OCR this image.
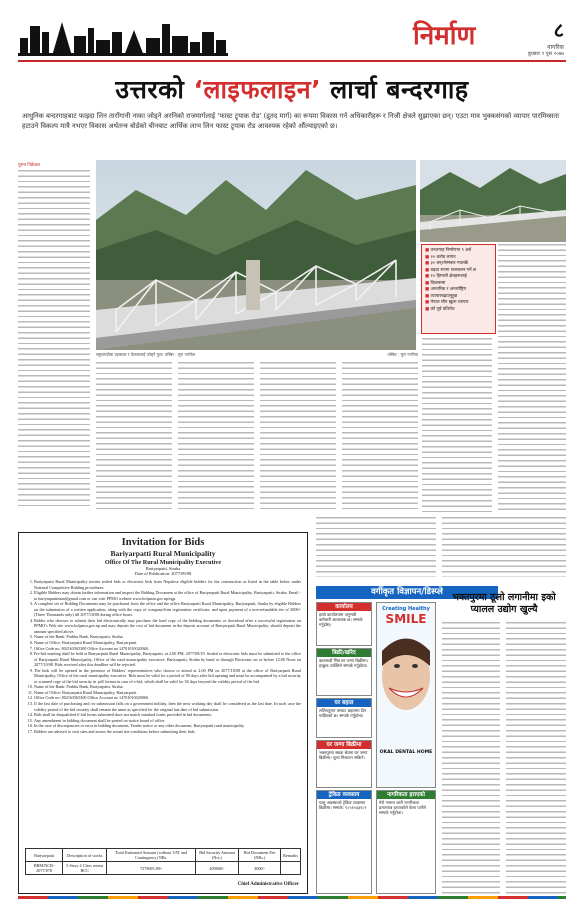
निर्माण	८
नागरिक
बुधबार ९ पुस २०७७
उत्तरको ‘लाइफलाइन’ लार्चा बन्दरगाह
आधुनिक बन्दरगाहबाट फाइदा लिन ताराँगानी नाका जोड्ने अरनिको राजमार्गलाई ‘फास्ट ट्र्याक रोड’ (द्रुतद मार्ग) का रूपमा विकास गर्न अधिकारीहरू र निजी क्षेत्रले सुझाएका छन्। एउटा मात्र भुक्कसंगको व्यापार पारमिथ्सता हटाउने विकल्प मात्रै नभएर विकास अर्थतन्त्र बोर्डको चीनबाट आर्थिक लाभ लिन फास्ट ट्र्याक रोड आवश्यक रहेको औंल्याइएको छ।
पुरुष पिडेवाल
रसुवागढीमा ल्हाछाङ र केरुङलाई जोड्ने पुल। तस्बिर : मुरा नगरिक	तस्बिर : मुरा नगरिक
■ वन्दरगाह निर्माणमा ९ अर्ब
■ २० करोड लागत
■ ३० बन्ऽनेस्नबार ग्यालकै
■ बढ़ता रुपमा सञ्चालन गर्ने छ
■ १० हिमाली क्षेत्रहरूलाई
■ विकासमा
■ आन्तरिक र अन्तर्राष्ट्रिय
■ व्यापारबढ़ाउनुहुन्न
■ नेपाल चीन खुला व्यापार
■ को पूर्व प्रतिरोध
Invitation for Bids
Bariyarpatti Rural Municipality
Office Of The Rural Municipality Executive
Bariyarpatti, Siraha
Date of Publication: 2077/09/08
1. Bariyarpatti Rural Municipality invites sealed bids or electronic bids from Nepalese eligible bidders for the construction as listed in the table below under National Competitive Bidding procedures.
2. Eligible Bidders may obtain further information and inspect the Bidding Document at the office of Bariyarpatti Rural Municipality, Bariyarpatti, Siraha. Email - to bariyarpattimun@gmail.com or can visit PPMO website www.bolpatra.gov.np/egp.
3. A complete set of Bidding Documents may be purchased from the office and the office Bariyarpatti Rural Municipality, Bariyarpatti, Siraha by eligible Bidders on the submission of a written application, along with the copy of company/firm registration certificate, and upon payment of a non-refundable fee of 3000/- (Three Thousands only) till 2077/10/08 during office hours.
4. Bidder who chooses to submit their bid electronically may purchase the hard copy of the bidding documents or download after a successful registration on PPMO's Web site www.bolpatra.gov.np and may deposit the cost of bid document in the deposit account of Bariyarpatti Rural Municipality; should deposit the amount specified above.
5. Name of the Bank: Prabhu Bank, Bariyarpatti, Siraha.
6. Name of Office: Bariyarpatti Rural Municipality, Bariyarpatti.
7. Office Code no. 802163565300 Office Account no 14701010020060.
8. Pre-bid meeting shall be held at Bariyarpatti Rural Municipality, Bariyarpatti, at 2:00 PM, 2077/09/19. Sealed or electronic bids must be submitted to the office of Bariyarpatti Rural Municipality, Office of the rural municipality executive, Bariyarpatti, Siraha by hand or through Electronic on or before 12:00 Noon on 2077/10/08. Bids received after this deadline will be rejected.
9. The bids will be opened in the presence of Bidders' representatives who choose to attend at 2:00 PM on 2077/10/08 at the office of Bariyarpatti Rural Municipality, Office of the rural municipality executive. Bids must be valid for a period of 90 days after bid opening and must be accompanied by a bid security or scanned copy of the bid security in .pdf format in case of e-bid, which shall be valid for 30 days beyond the validity period of the bid.
10. Name of the Bank: Prabhu Bank, Bariyarpatti, Siraha.
11. Name of Office: Bariyarpatti Rural Municipality, Bariyarpatti.
12. Office Code no: 802163565300 Office Account no 14701010020060.
13. If the last date of purchasing and /or submission falls on a government holiday, then the next working day shall be considered as the last date. In such case the validity period of the bid security shall remain the same as specified for the original last date of bid submission.
14. Bids shall be disqualified if bid forms submitted does not match standard forms provided in bid documents.
15. Any amendment in bidding document shall be posted on notice board of office.
16. In the case of discrepancies or error in bidding document, Tender notice or any other document, Bariyarpatti rural municipality.
17. Bidders are advised to visit sites and assess the actual site conditions before submitting their bids.
Bariyarpatti	Description of works	Total Estimated Amount (without VAT and Contingency) NRs.	Bid Security Amount (Nrs.)	Bid Document Fee (NRs.)	Remarks
BRM/NCB-2077/078	3 Story 4 Class rooms RCC	7279695.89/-	200000/-	3000/-	
Chief Administrative Officer
वर्गीकृत विज्ञापन/डिस्प्ले
कार्यालय
हाम्रो कार्यालयमा अनुभवी कर्मचारी आवश्यक छ। सम्पर्क गर्नुहोस्।
बिक्री/खरिद
काठमाडौं भित्र घर जग्गा बिक्रीमा। इच्छुक व्यक्तिले सम्पर्क गर्नुहोला।
घर बहाल
ललितपुरमा फ्ल्याट बहालमा दिन चाहिएको छ। सम्पर्क गर्नुहोला।
घर जग्गा बिक्रीमा
भक्तपुरमा सडक छेउमा घर जग्गा बिक्रीमा। मूल्य मिलाउन सकिने।
ट्रेकिङ व्यवसाय
चालु अवस्थाको ट्रेकिङ व्यवसाय बिक्रीमा। सम्पर्क: ९८५१०३३१८९
Creating Healthy
SMILE
OKAL DENTAL HOME
नागरिकता हराएको
मेरो नाममा जारी नागरिकता प्रमाणपत्र हराएकोले फेला पार्नेले सम्पर्क गर्नुहोला।
भक्तपुरमा ठूलो लगानीमा इको प्यालल उद्योग खुल्यै
